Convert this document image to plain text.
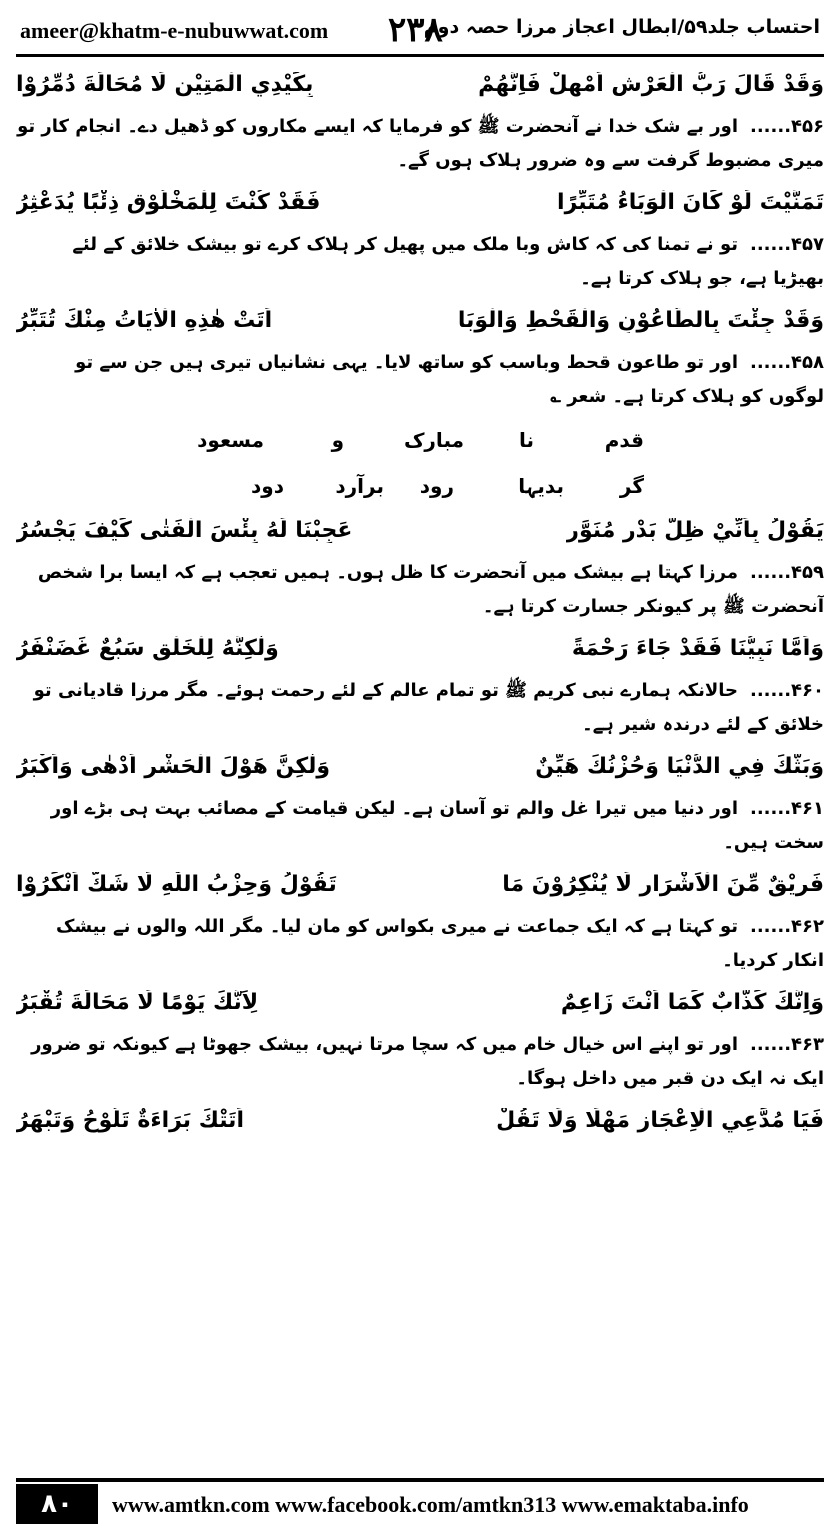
ameer@khatm-e-nubuwwat.com ۲۳۸
احتساب جلد۵۹/ابطال اعجاز مرزا حصہ دوم
وَقَدْ قَالَ رَبُّ الْعَرْشِ اَمْهِلْ فَاِنَّهُمْ
بِكَيْدِي الْمَتِيْنِ لَا مُحَالَةَ دُمِّرُوْا
۴۵۶......اور بے شک خدا نے آنحضرت ﷺ کو فرمایا کہ ایسے مکاروں کو ڈھیل دے۔ انجام کار تو میری مضبوط گرفت سے وہ ضرور ہلاک ہوں گے۔
تَمَنَّيْتَ لَوْ كَانَ الْوَبَاءُ مُتَبِّرًا
فَقَدْ كُنْتَ لِلْمَخْلُوْقِ ذِئْبًا يُدَعْثِرُ
۴۵۷......تو نے تمنا کی کہ کاش وبا ملک میں پھیل کر ہلاک کرے تو بیشک خلائق کے لئے بھیڑیا ہے، جو ہلاک کرتا ہے۔
وَقَدْ جِئْتَ بِالطَّاعُوْنِ وَالْقَحْطِ وَالْوَبَا
اَتَتْ هٰذِهِ الْاٰيَاتُ مِنْكَ تُتَبِّرُ
۴۵۸......اور تو طاعون قحط وباسب کو ساتھ لایا۔ یہی نشانیاں تیری ہیں جن سے تو لوگوں کو ہلاک کرتا ہے۔ شعر ؎
قدم
نا
مبارک
و
مسعود
گر
بدیہا
رود
برآرد
دود
يَقُوْلُ بِاَنِّيْ ظِلُّ بَدْرٍ مُنَوَّرٍ
عَجِبْنَا لَهُ بِئْسَ الْفَتٰى كَيْفَ يَجْسُرُ
۴۵۹......مرزا کہتا ہے بیشک میں آنحضرت کا ظل ہوں۔ ہمیں تعجب ہے کہ ایسا برا شخص آنحضرت ﷺ پر کیونکر جسارت کرتا ہے۔
وَاَمَّا نَبِيُّنَا فَقَدْ جَاءَ رَحْمَةً
وَلٰكِنَّهُ لِلْخَلْقِ سَبُعٌ غَضَنْفَرُ
۴۶۰......حالانکہ ہمارے نبی کریم ﷺ تو تمام عالم کے لئے رحمت ہوئے۔ مگر مرزا قادیانی تو خلائق کے لئے درندہ شیر ہے۔
وَبَثُّكَ فِي الدُّنْيَا وَحُزْنُكَ هَيِّنٌ
وَلٰكِنَّ هَوْلَ الْحَشْرِ اَدْهٰى وَاَكْبَرُ
۴۶۱......اور دنیا میں تیرا غل والم تو آسان ہے۔ لیکن قیامت کے مصائب بہت ہی بڑے اور سخت ہیں۔
فَرِيْقٌ مِّنَ الْاَشْرَارِ لَا يُنْكِرُوْنَ مَا
تَقُوْلُ وَحِزْبُ اللّٰهِ لَا شَكَّ اَنْكَرُوْا
۴۶۲......تو کہتا ہے کہ ایک جماعت نے میری بکواس کو مان لیا۔ مگر اللہ والوں نے بیشک انکار کردیا۔
وَاِنَّكَ كَذَّابٌ كَمَا اَنْتَ زَاعِمٌ
لِاَنَّكَ يَوْمًا لَا مَحَالَةَ تُقْبَرُ
۴۶۳......اور تو اپنے اس خیال خام میں کہ سچا مرتا نہیں، بیشک جھوٹا ہے کیونکہ تو ضرور ایک نہ ایک دن قبر میں داخل ہوگا۔
فَيَا مُدَّعِي الْاِعْجَازِ مَهْلًا وَلَا تَقُلْ
اَتَتْكَ بَرَاءَةٌ تَلُوْحُ وَتَبْهَرُ
۸۰	www.amtkn.com www.facebook.com/amtkn313 www.emaktaba.info
